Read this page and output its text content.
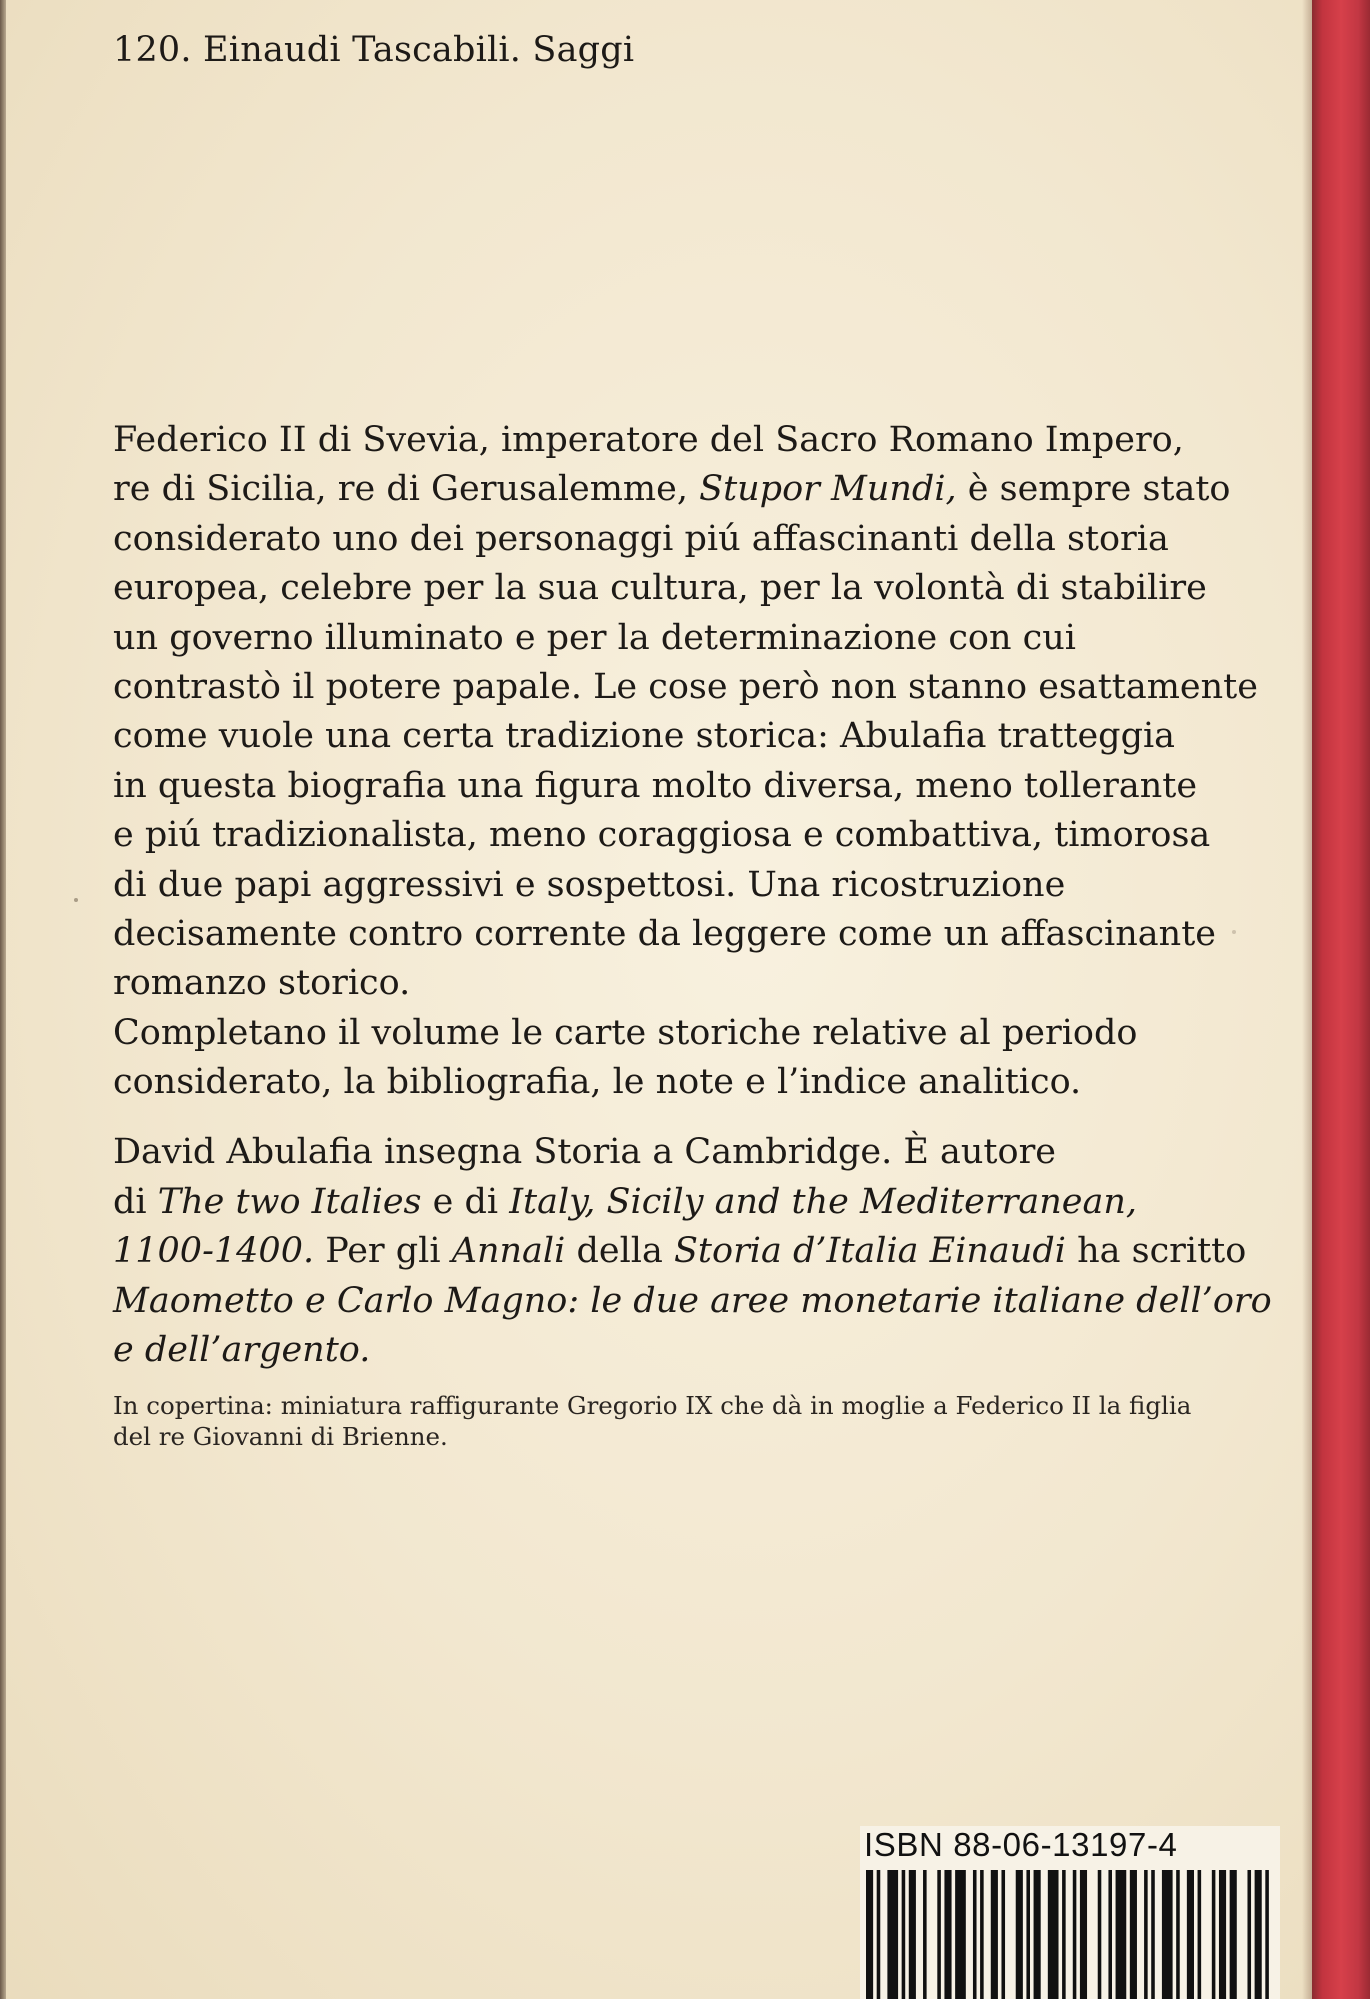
120. Einaudi Tascabili. Saggi
Federico II di Svevia, imperatore del Sacro Romano Impero,
re di Sicilia, re di Gerusalemme, Stupor Mundi, è sempre stato
considerato uno dei personaggi piú affascinanti della storia
europea, celebre per la sua cultura, per la volontà di stabilire
un governo illuminato e per la determinazione con cui
contrastò il potere papale. Le cose però non stanno esattamente
come vuole una certa tradizione storica: Abulafia tratteggia
in questa biografia una figura molto diversa, meno tollerante
e piú tradizionalista, meno coraggiosa e combattiva, timorosa
di due papi aggressivi e sospettosi. Una ricostruzione
decisamente contro corrente da leggere come un affascinante
romanzo storico.
Completano il volume le carte storiche relative al periodo
considerato, la bibliografia, le note e l’indice analitico.
David Abulafia insegna Storia a Cambridge. È autore
di The two Italies e di Italy, Sicily and the Mediterranean,
1100-1400. Per gli Annali della Storia d’Italia Einaudi ha scritto
Maometto e Carlo Magno: le due aree monetarie italiane dell’oro
e dell’argento.
In copertina: miniatura raffigurante Gregorio IX che dà in moglie a Federico II la figlia
del re Giovanni di Brienne.
ISBN 88-06-13197-4
